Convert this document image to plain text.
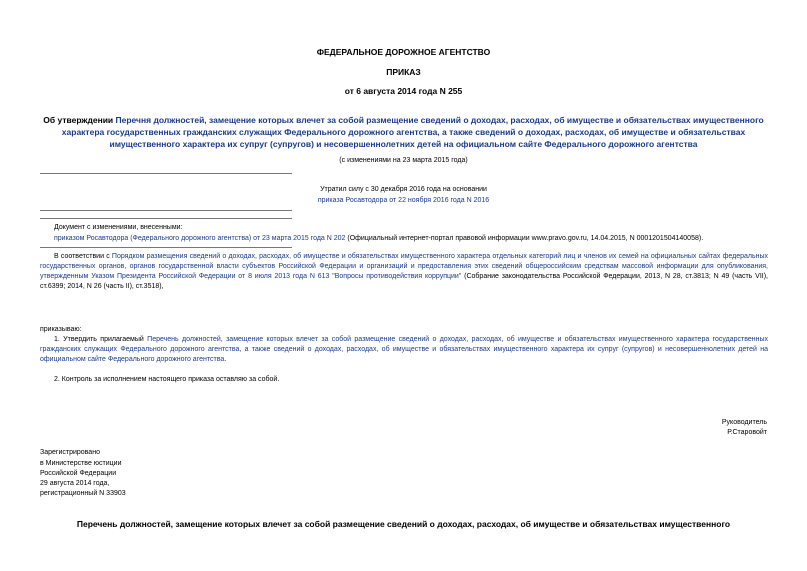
ФЕДЕРАЛЬНОЕ ДОРОЖНОЕ АГЕНТСТВО
ПРИКАЗ
от 6 августа 2014 года N 255
Об утверждении Перечня должностей, замещение которых влечет за собой размещение сведений о доходах, расходах, об имуществе и обязательствах имущественного характера государственных гражданских служащих Федерального дорожного агентства, а также сведений о доходах, расходах, об имуществе и обязательствах имущественного характера их супруг (супругов) и несовершеннолетних детей на официальном сайте Федерального дорожного агентства
(с изменениями на 23 марта 2015 года)
Утратил силу с 30 декабря 2016 года на основании
приказа Росавтодора от 22 ноября 2016 года N 2016
Документ с изменениями, внесенными:
приказом Росавтодора (Федерального дорожного агентства) от 23 марта 2015 года N 202 (Официальный интернет-портал правовой информации www.pravo.gov.ru, 14.04.2015, N 0001201504140058).
В соответствии с Порядком размещения сведений о доходах, расходах, об имуществе и обязательствах имущественного характера отдельных категорий лиц и членов их семей на официальных сайтах федеральных государственных органов, органов государственной власти субъектов Российской Федерации и организаций и предоставления этих сведений общероссийским средствам массовой информации для опубликования, утвержденным Указом Президента Российской Федерации от 8 июля 2013 года N 613 "Вопросы противодействия коррупции" (Собрание законодательства Российской Федерации, 2013, N 28, ст.3813; N 49 (часть VII), ст.6399; 2014, N 26 (часть II), ст.3518),
приказываю:
1. Утвердить прилагаемый Перечень должностей, замещение которых влечет за собой размещение сведений о доходах, расходах, об имуществе и обязательствах имущественного характера государственных гражданских служащих Федерального дорожного агентства, а также сведений о доходах, расходах, об имуществе и обязательствах имущественного характера их супруг (супругов) и несовершеннолетних детей на официальном сайте Федерального дорожного агентства.
2. Контроль за исполнением настоящего приказа оставляю за собой.
Руководитель
Р.Старовойт
Зарегистрировано
в Министерстве юстиции
Российской Федерации
29 августа 2014 года,
регистрационный N 33903
Перечень должностей, замещение которых влечет за собой размещение сведений о доходах, расходах, об имуществе и обязательствах имущественного
